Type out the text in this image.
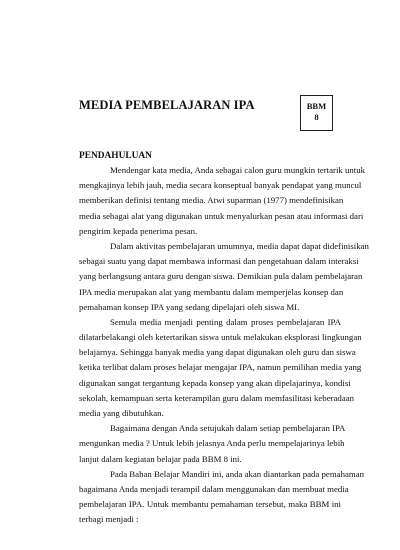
MEDIA PEMBELAJARAN IPA	BBM
8
PENDAHULUAN
Mendengar kata media, Anda sebagai calon guru mungkin tertarik untuk
mengkajinya lebih jauh, media secara konseptual banyak pendapat yang muncul
memberikan definisi tentang media. Atwi suparman (1977) mendefinisikan
media sebagai alat yang digunakan untuk menyalurkan pesan atau informasi dari
pengirim kepada penerima pesan.
Dalam aktivitas pembelajaran umumnya, media dapat dapat didefinisikan
sebagai suatu yang dapat membawa informasi dan pengetahuan dalam interaksi
yang berlangsung antara guru dengan siswa. Demikian pula dalam pembelajaran
IPA media merupakan alat yang membantu dalam memperjelas konsep dan
pemahaman konsep IPA yang sedang dipelajari oleh siswa MI.
Semula media menjadi penting dalam proses pembelajaran IPA
dilatarbelakangi oleh ketertarikan siswa untuk melakukan eksplorasi lingkungan
belajarnya. Sehingga banyak media yang dapat digunakan oleh guru dan siswa
ketika terlibat dalam proses belajar mengajar IPA, namun pemilihan media yang
digunakan sangat tergantung kepada konsep yang akan dipelajarinya, kondisi
sekolah, kemampuan serta keterampilan guru dalam memfasilitasi keberadaan
media yang dibutuhkan.
Bagaimana dengan Anda setujukah dalam setiap pembelajaran IPA
mengunkan media ? Untuk lebih jelasnya Anda perlu mempelajarinya lebih
lanjut dalam kegiatan belajar pada BBM 8 ini.
Pada Bahan Belajar Mandiri ini, anda akan diantarkan pada pemahaman
bagaimana Anda menjadi terampil dalam menggunakan dan membuat media
pembelajaran IPA. Untuk membantu pemahaman tersebut, maka BBM ini
terbagi menjadi :
